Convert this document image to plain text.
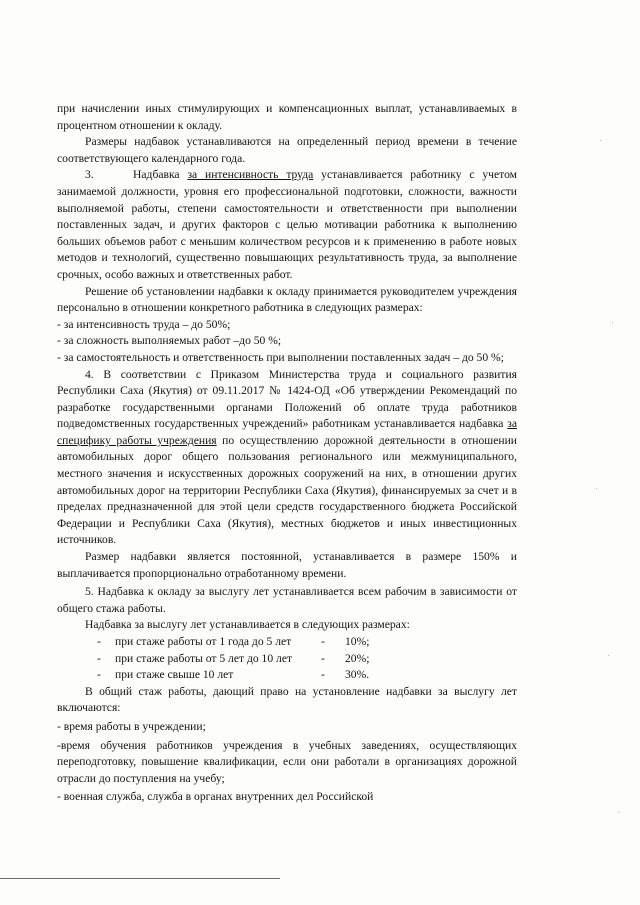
при начислении иных стимулирующих и компенсационных выплат, устанавливаемых в процентном отношении к окладу.

Размеры надбавок устанавливаются на определенный период времени в течение соответствующего календарного года.

3.	Надбавка за интенсивность труда устанавливается работнику с учетом занимаемой должности, уровня его профессиональной подготовки, сложности, важности выполняемой работы, степени самостоятельности и ответственности при выполнении поставленных задач, и других факторов с целью мотивации работника к выполнению больших объемов работ с меньшим количеством ресурсов и к применению в работе новых методов и технологий, существенно повышающих результативность труда, за выполнение срочных, особо важных и ответственных работ.

Решение об установлении надбавки к окладу принимается руководителем учреждения персонально в отношении конкретного работника в следующих размерах:

- за интенсивность труда – до 50%;

- за сложность выполняемых работ –до 50 %;

- за самостоятельность и ответственность при выполнении поставленных задач – до 50 %;

4. В соответствии с Приказом Министерства труда и социального развития Республики Саха (Якутия) от 09.11.2017 № 1424-ОД «Об утверждении Рекомендаций по разработке государственными органами Положений об оплате труда работников подведомственных государственных учреждений» работникам устанавливается надбавка за специфику работы учреждения по осуществлению дорожной деятельности в отношении автомобильных дорог общего пользования регионального или межмуниципального, местного значения и искусственных дорожных сооружений на них, в отношении других автомобильных дорог на территории Республики Саха (Якутия), финансируемых за счет и в пределах предназначенной для этой цели средств государственного бюджета Российской Федерации и Республики Саха (Якутия), местных бюджетов и иных инвестиционных источников.

Размер надбавки является постоянной, устанавливается в размере 150% и выплачивается пропорционально отработанному времени.

5. Надбавка к окладу за выслугу лет устанавливается всем рабочим в зависимости от общего стажа работы.

Надбавка за выслугу лет устанавливается в следующих размерах:

-	при стаже работы от 1 года до 5 лет	-	10%;
-	при стаже работы от 5 лет до 10 лет	-	20%;
-	при стаже свыше 10 лет	-	30%.

В общий стаж работы, дающий право на установление надбавки за выслугу лет включаются:

- время работы в учреждении;

-время обучения работников учреждения в учебных заведениях, осуществляющих переподготовку, повышение квалификации, если они работали в организациях дорожной отрасли до поступления на учебу;

- военная служба, служба в органах внутренних дел Российской
